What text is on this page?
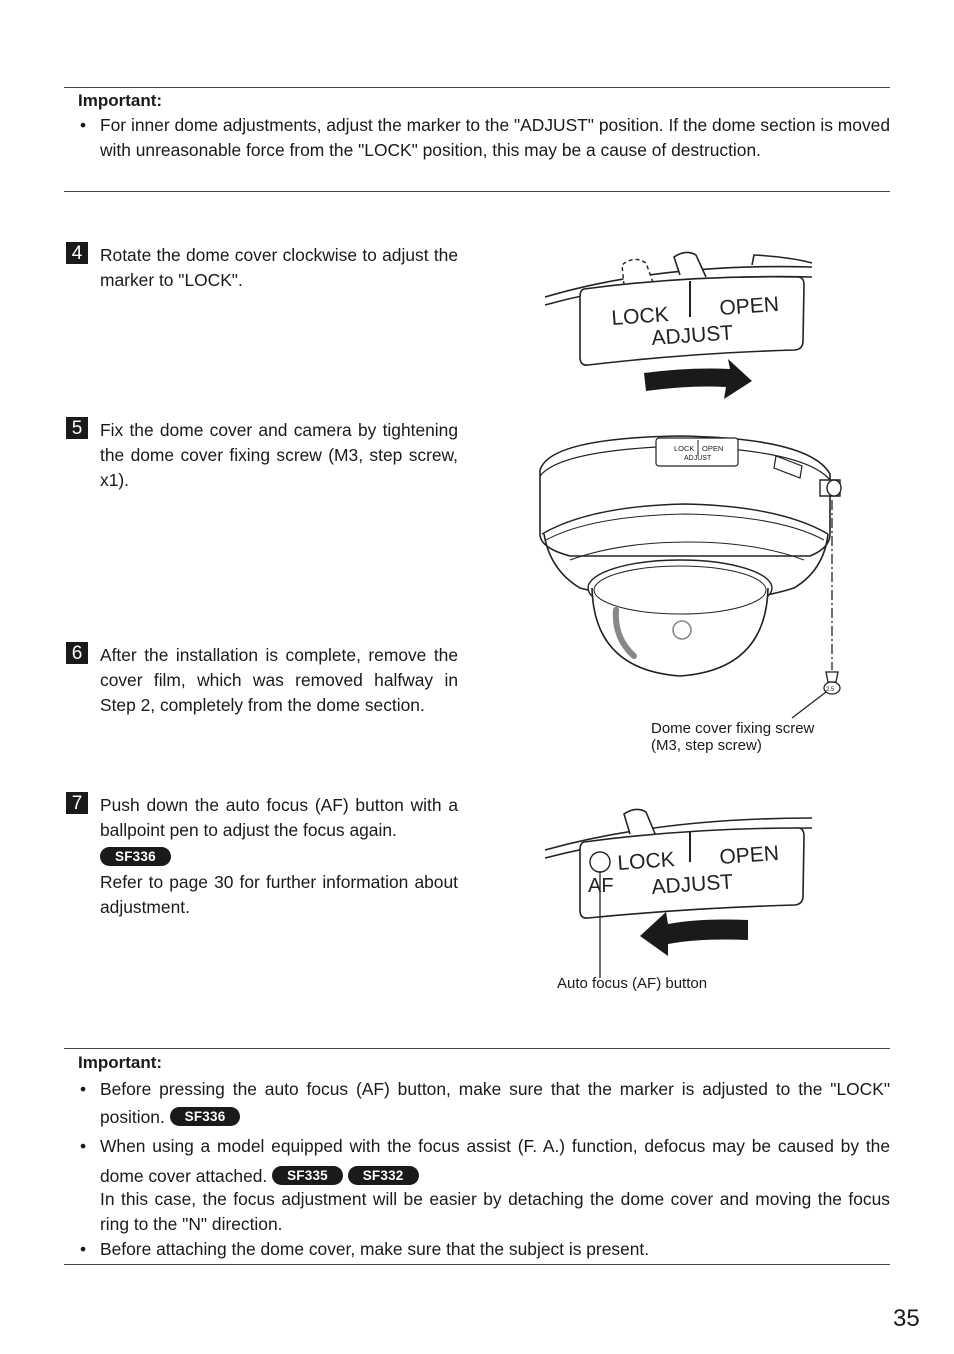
Important:
• For inner dome adjustments, adjust the marker to the "ADJUST" position. If the dome section is moved with unreasonable force from the "LOCK" position, this may be a cause of destruction.
4	Rotate the dome cover clockwise to adjust the marker to "LOCK".
5	Fix the dome cover and camera by tightening the dome cover fixing screw (M3, step screw, x1).
6	After the installation is complete, remove the cover film, which was removed halfway in Step 2, completely from the dome section.
7	Push down the auto focus (AF) button with a ballpoint pen to adjust the focus again.
SF336
Refer to page 30 for further information about adjustment.
LOCK OPEN
ADJUST
LOCK OPEN
ADJUST
2.5
Dome cover fixing screw
(M3, step screw)
LOCK OPEN
ADJUST
AF
Auto focus (AF) button
Important:
• Before pressing the auto focus (AF) button, make sure that the marker is adjusted to the "LOCK" position. SF336
• When using a model equipped with the focus assist (F. A.) function, defocus may be caused by the dome cover attached. SF335	SF332
In this case, the focus adjustment will be easier by detaching the dome cover and moving the focus ring to the "N" direction.
• Before attaching the dome cover, make sure that the subject is present.
35
